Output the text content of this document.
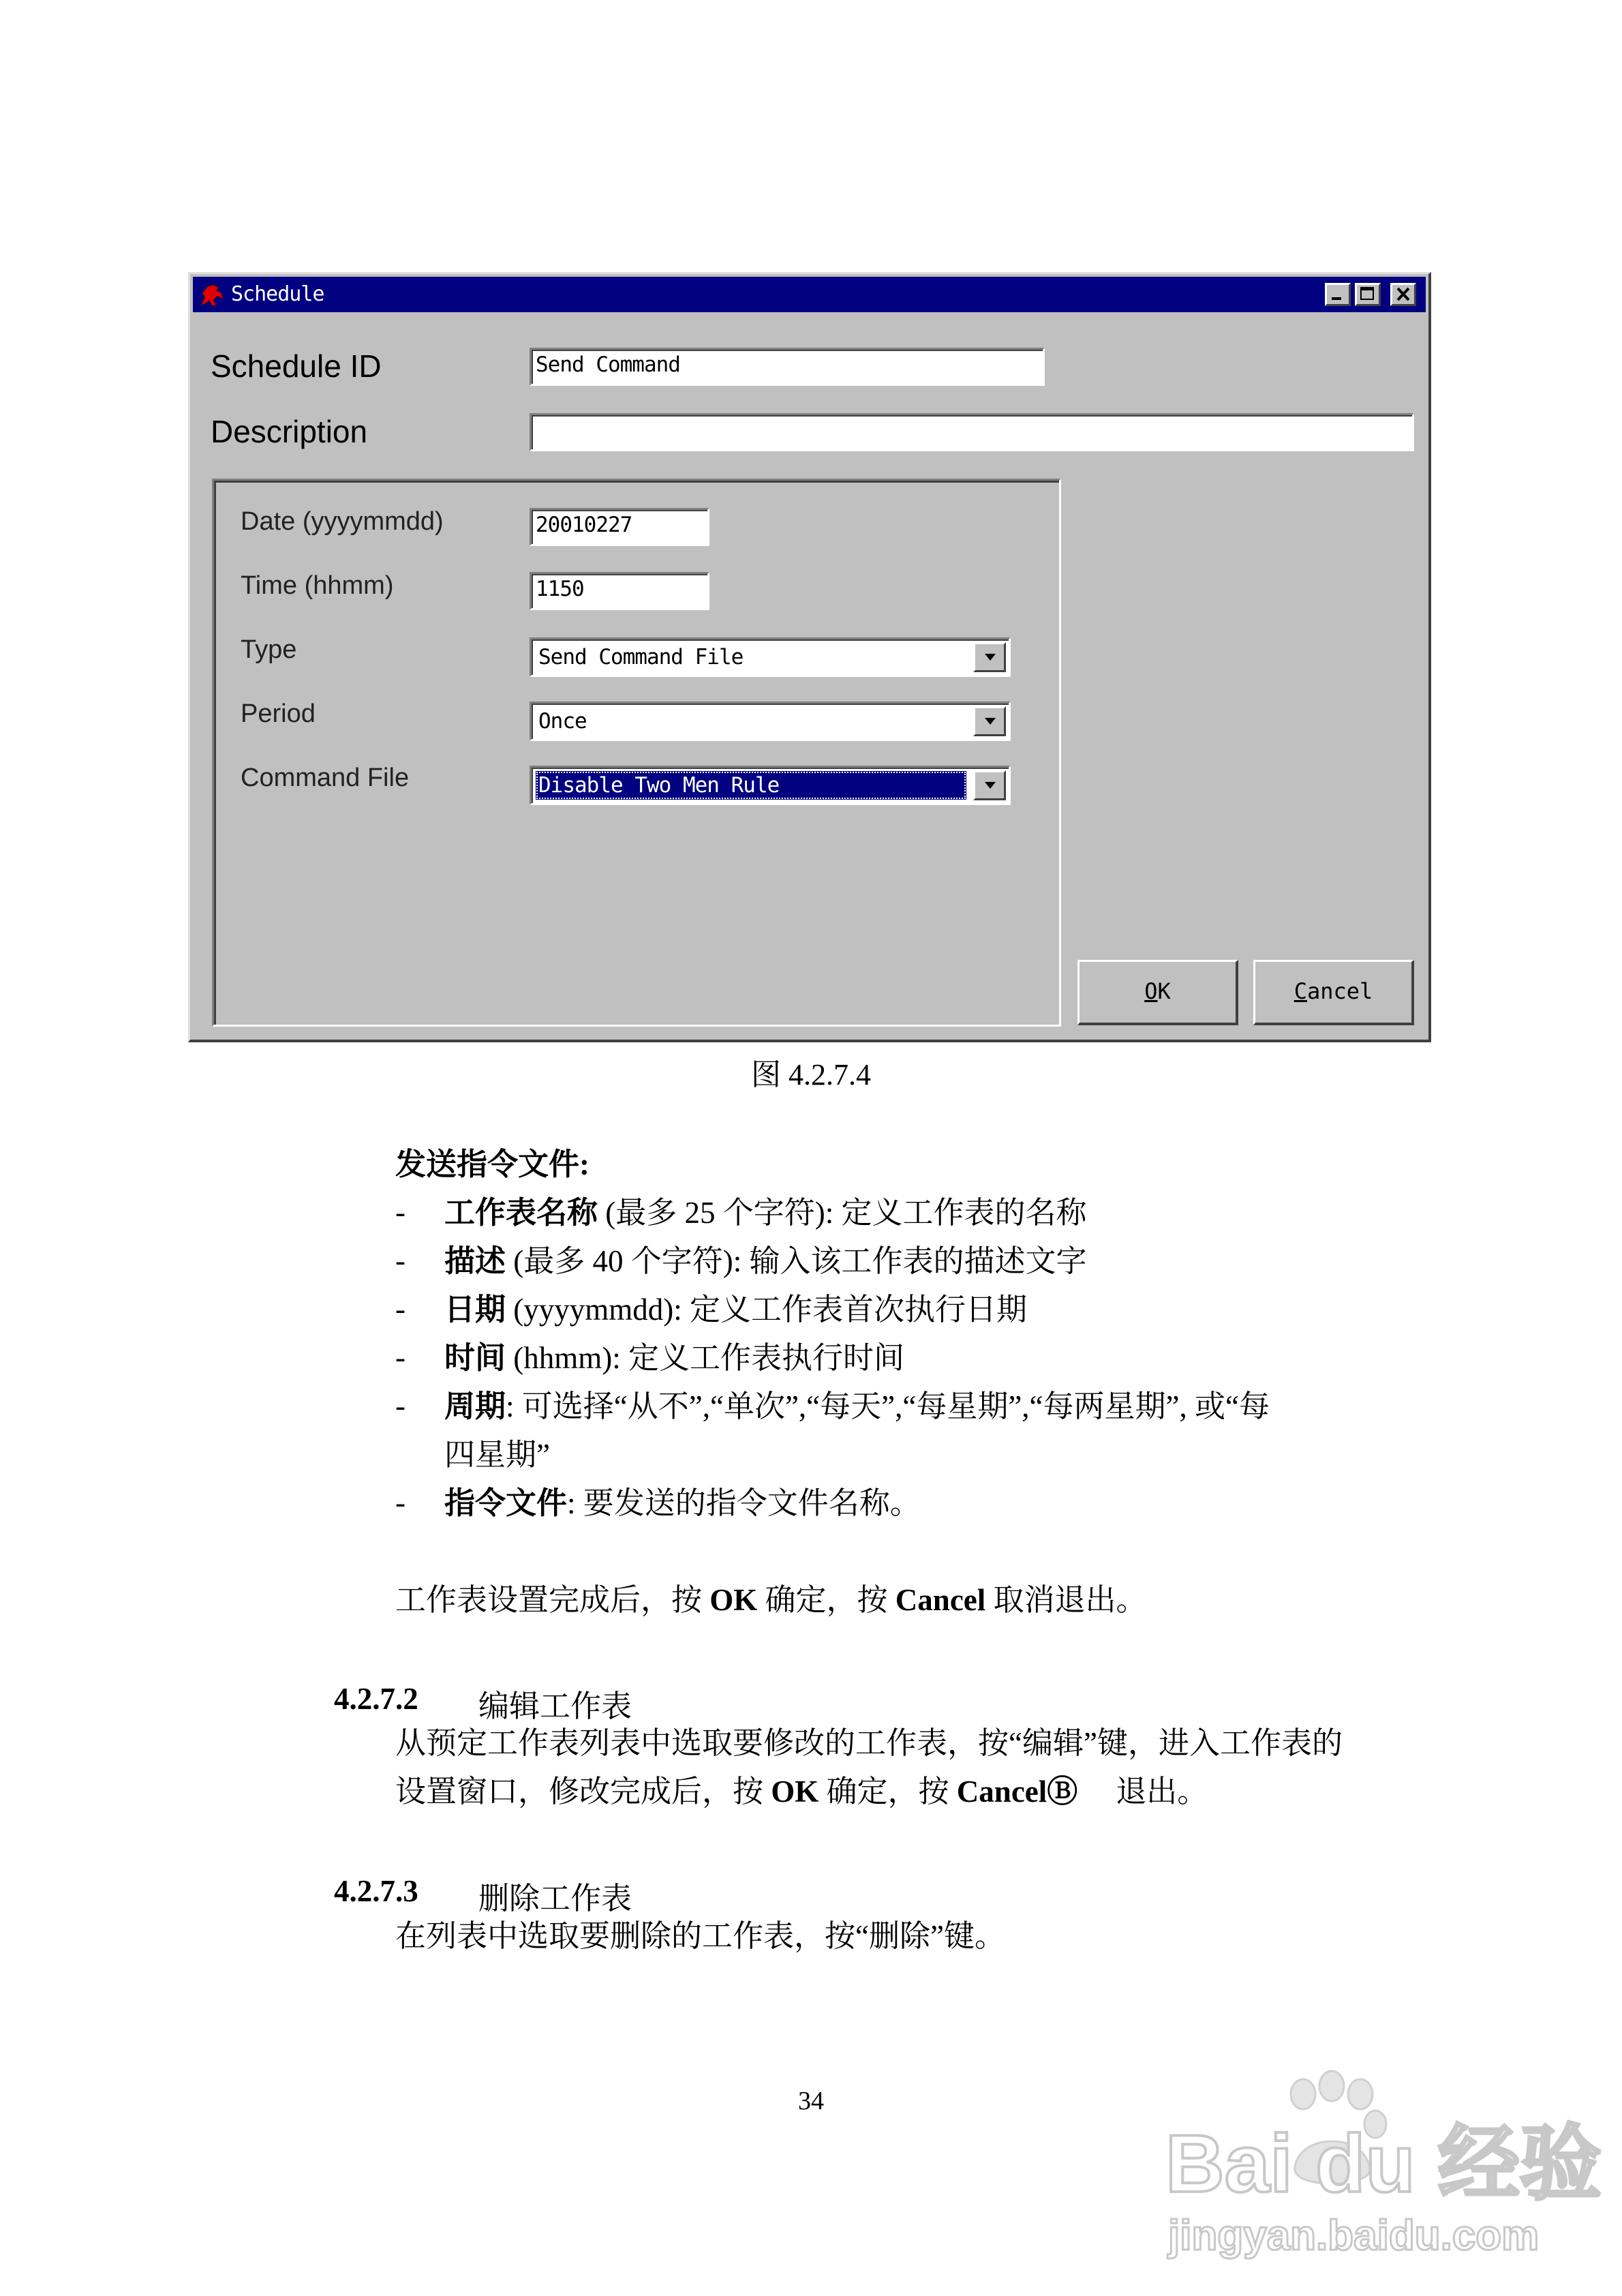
Schedule
Schedule ID	Send Command
Description
Date (yyyymmdd)	20010227
Time (hhmm)	1150
Type	Send Command File
Period	Once
Command File	Disable Two Men Rule
OK	Cancel
图 4.2.7.4
发送指令文件:
- 工作表名称 (最多 25 个字符): 定义工作表的名称
- 描述 (最多 40 个字符): 输入该工作表的描述文字
- 日期 (yyyymmdd): 定义工作表首次执行日期
- 时间 (hhmm): 定义工作表执行时间
- 周期: 可选择“从不”,“单次”,“每天”,“每星期”,“每两星期”, 或“每
四星期”
- 指令文件: 要发送的指令文件名称。
工作表设置完成后，按 OK 确定，按 Cancel 取消退出。
4.2.7.2 编辑工作表
从预定工作表列表中选取要修改的工作表，按“编辑”键，进入工作表的
设置窗口，修改完成后，按 OK 确定，按 CancelⒷ 退出。
4.2.7.3 删除工作表
在列表中选取要删除的工作表，按“删除”键。
34
Bai du 经验
jingyan.baidu.com
